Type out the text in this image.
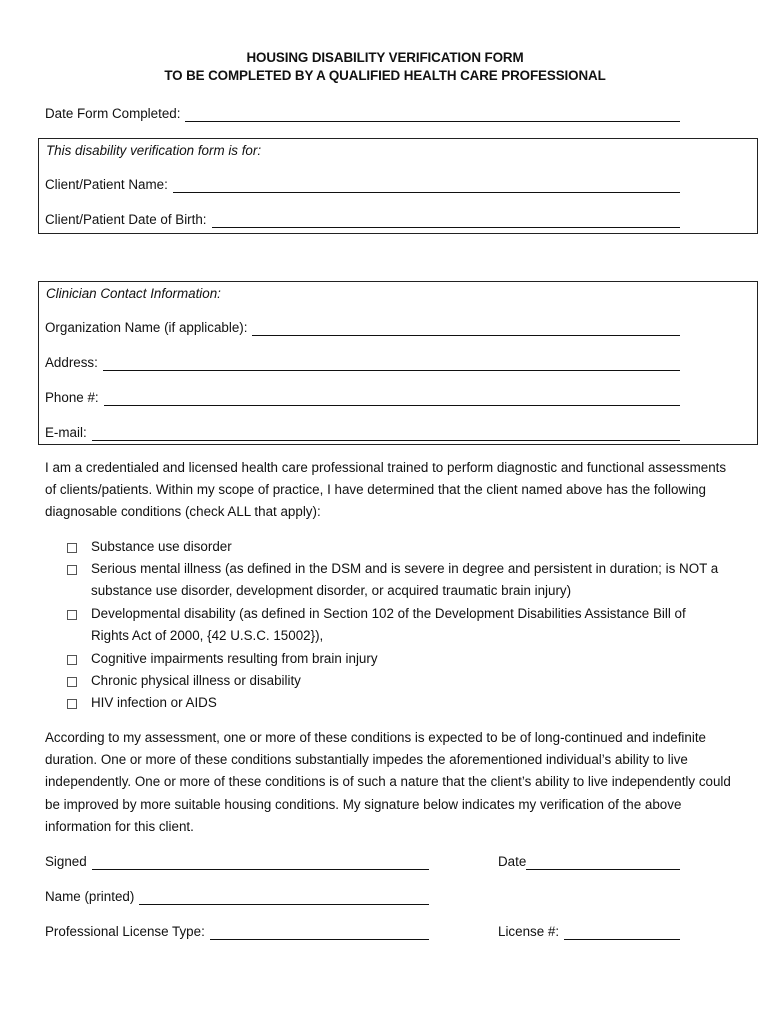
HOUSING DISABILITY VERIFICATION FORM
TO BE COMPLETED BY A QUALIFIED HEALTH CARE PROFESSIONAL
Date Form Completed:
This disability verification form is for:
Client/Patient Name:
Client/Patient Date of Birth:
Clinician Contact Information:
Organization Name (if applicable):
Address:
Phone #:
E-mail:

I am a credentialed and licensed health care professional trained to perform diagnostic and functional assessments of clients/patients. Within my scope of practice, I have determined that the client named above has the following diagnosable conditions (check ALL that apply):

Substance use disorder
Serious mental illness (as defined in the DSM and is severe in degree and persistent in duration; is NOT a substance use disorder, development disorder, or acquired traumatic brain injury)
Developmental disability (as defined in Section 102 of the Development Disabilities Assistance Bill of Rights Act of 2000, {42 U.S.C. 15002}),
Cognitive impairments resulting from brain injury
Chronic physical illness or disability
HIV infection or AIDS

According to my assessment, one or more of these conditions is expected to be of long-continued and indefinite duration. One or more of these conditions substantially impedes the aforementioned individual’s ability to live independently. One or more of these conditions is of such a nature that the client’s ability to live independently could be improved by more suitable housing conditions. My signature below indicates my verification of the above information for this client.

Signed	Date
Name (printed)
Professional License Type:	License #:
